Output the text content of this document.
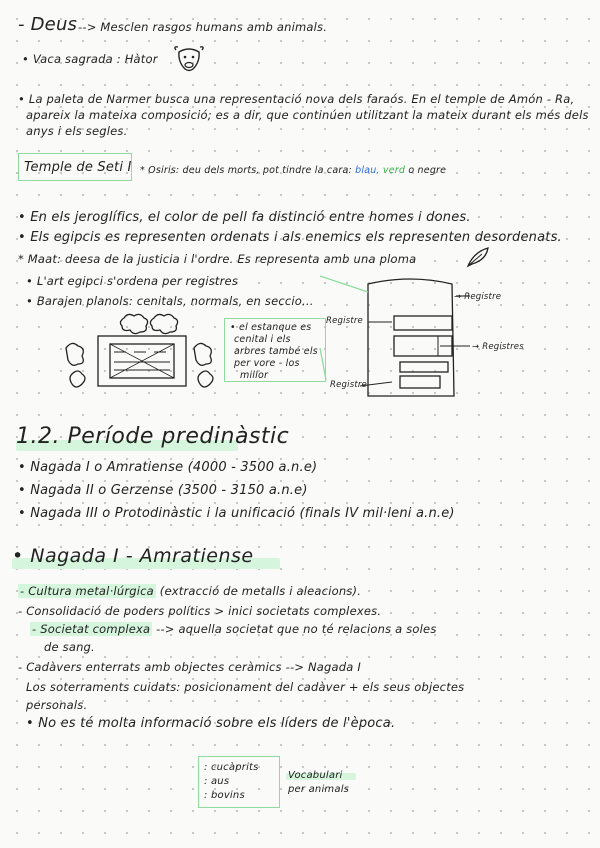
- Deus --> Mesclen rasgos humans amb animals.
• Vaca sagrada : Hàtor
• La paleta de Narmer busca una representació nova dels faraós. En el temple de Amón - Ra,
apareix la mateixa composició; es a dir, que continúen utilitzant la mateix durant els més dels
anys i els segles.
Temple de Seti I * Osiris: deu dels morts, pot tindre la cara: blau, verd o negre
• En els jeroglífics, el color de pell fa distinció entre homes i dones.
• Els egipcis es representen ordenats i als enemics els representen desordenats.
* Maat: deesa de la justicia i l'ordre. Es representa amb una ploma
• L'art egipci s'ordena per registres
• Barajen planols: cenitals, normals, en seccio...
• el estanque es
cenital i els
arbres també els
per vore - los
millor
→ Registre
Registre
Registre
→ Registres
1.2. Període predinàstic
• Nagada I o Amratiense (4000 - 3500 a.n.e)
• Nagada II o Gerzense (3500 - 3150 a.n.e)
• Nagada III o Protodinàstic i la unificació (finals IV mil·leni a.n.e)
• Nagada I - Amratiense
- Cultura metal·lúrgica (extracció de metalls i aleacions).
- Consolidació de poders polítics > inici societats complexes.
- Societat complexa --> aquella societat que no té relacions a soles
de sang.
- Cadàvers enterrats amb objectes ceràmics --> Nagada I
Los soterraments cuidats: posicionament del cadàver + els seus objectes
personals.
• No es té molta informació sobre els líders de l'època.
: cucàprits
: aus
: bovins
Vocabulari
per animals
